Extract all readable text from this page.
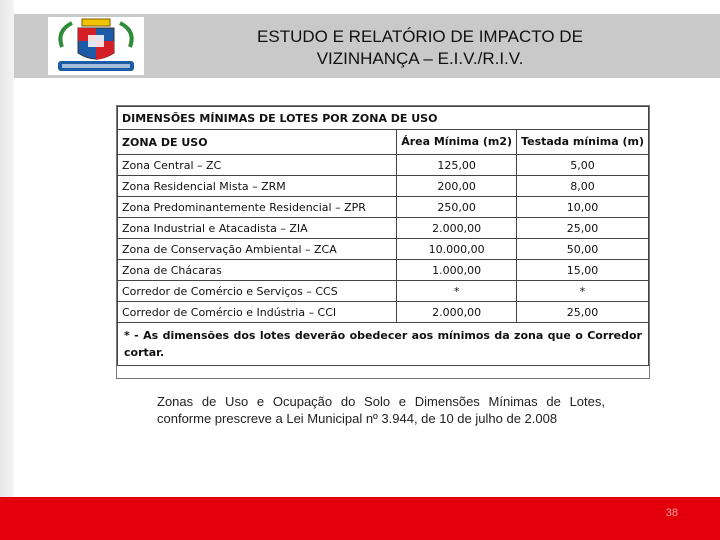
ESTUDO E RELATÓRIO DE IMPACTO DE
VIZINHANÇA – E.I.V./R.I.V.
DIMENSÕES MÍNIMAS DE LOTES POR ZONA DE USO		
ZONA DE USO	Área Mínima (m2)	Testada mínima (m)
Zona Central – ZC	125,00	5,00
Zona Residencial Mista – ZRM	200,00	8,00
Zona Predominantemente Residencial – ZPR	250,00	10,00
Zona Industrial e Atacadista – ZIA	2.000,00	25,00
Zona de Conservação Ambiental – ZCA	10.000,00	50,00
Zona de Chácaras	1.000,00	15,00
Corredor de Comércio e Serviços – CCS	*	*
Corredor de Comércio e Indústria – CCI	2.000,00	25,00
* - As dimensões dos lotes deverão obedecer aos mínimos da zona que o Corredor cortar.		
Zonas de Uso e Ocupação do Solo e Dimensões Mínimas de Lotes, conforme prescreve a Lei Municipal nº 3.944, de 10 de julho de 2.008
38
